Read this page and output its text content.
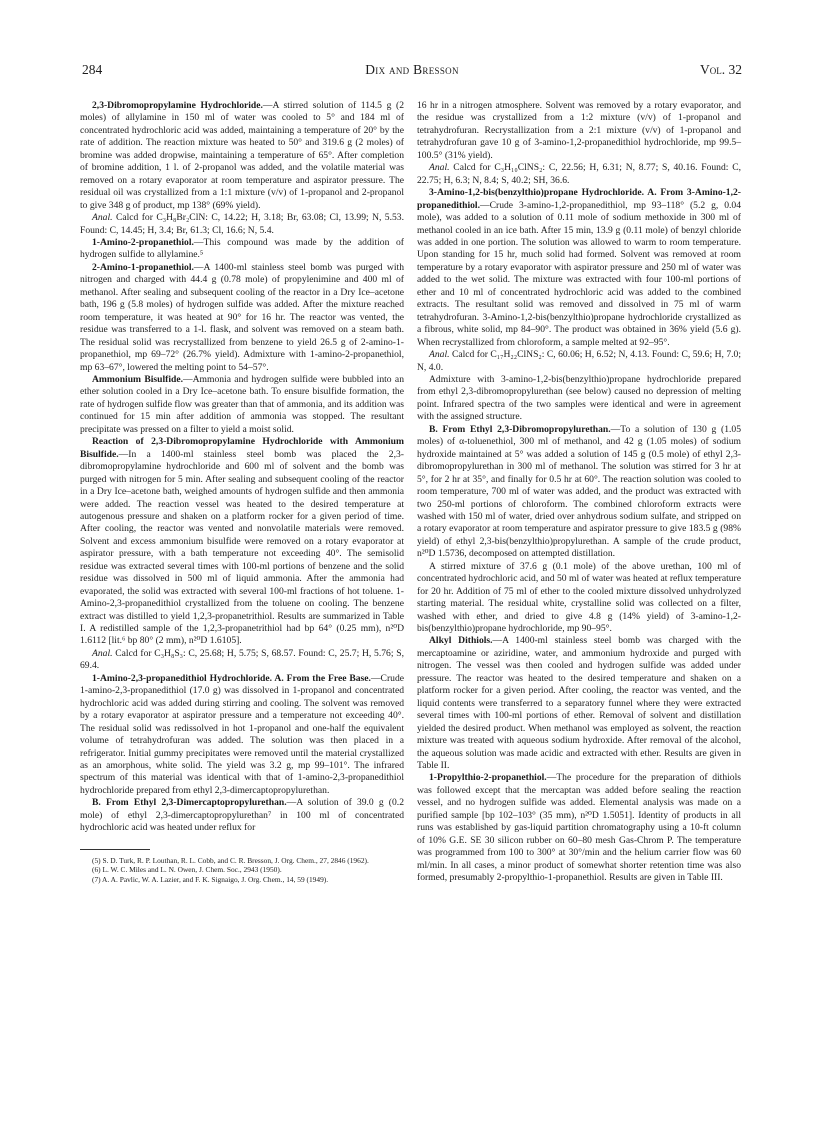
284	Dix and Bresson	Vol. 32

2,3-Dibromopropylamine Hydrochloride.—A stirred solution of 114.5 g (2 moles) of allylamine in 150 ml of water was cooled to 5° and 184 ml of concentrated hydrochloric acid was added, maintaining a temperature of 20° by the rate of addition. The reaction mixture was heated to 50° and 319.6 g (2 moles) of bromine was added dropwise, maintaining a temperature of 65°. After completion of bromine addition, 1 l. of 2-propanol was added, and the volatile material was removed on a rotary evaporator at room temperature and aspirator pressure. The residual oil was crystallized from a 1:1 mixture (v/v) of 1-propanol and 2-propanol to give 348 g of product, mp 138° (69% yield).

Anal. Calcd for C₃H₈Br₂ClN: C, 14.22; H, 3.18; Br, 63.08; Cl, 13.99; N, 5.53. Found: C, 14.45; H, 3.4; Br, 61.3; Cl, 16.6; N, 5.4.

1-Amino-2-propanethiol.—This compound was made by the addition of hydrogen sulfide to allylamine.⁵

2-Amino-1-propanethiol.—A 1400-ml stainless steel bomb was purged with nitrogen and charged with 44.4 g (0.78 mole) of propylenimine and 400 ml of methanol. After sealing and subsequent cooling of the reactor in a Dry Ice–acetone bath, 196 g (5.8 moles) of hydrogen sulfide was added. After the mixture reached room temperature, it was heated at 90° for 16 hr. The reactor was vented, the residue was transferred to a 1-l. flask, and solvent was removed on a steam bath. The residual solid was recrystallized from benzene to yield 26.5 g of 2-amino-1-propanethiol, mp 69–72° (26.7% yield). Admixture with 1-amino-2-propanethiol, mp 63–67°, lowered the melting point to 54–57°.

Ammonium Bisulfide.—Ammonia and hydrogen sulfide were bubbled into an ether solution cooled in a Dry Ice–acetone bath. To ensure bisulfide formation, the rate of hydrogen sulfide flow was greater than that of ammonia, and its addition was continued for 15 min after addition of ammonia was stopped. The resultant precipitate was pressed on a filter to yield a moist solid.

Reaction of 2,3-Dibromopropylamine Hydrochloride with Ammonium Bisulfide.—In a 1400-ml stainless steel bomb was placed the 2,3-dibromopropylamine hydrochloride and 600 ml of solvent and the bomb was purged with nitrogen for 5 min. After sealing and subsequent cooling of the reactor in a Dry Ice–acetone bath, weighed amounts of hydrogen sulfide and then ammonia were added. The reaction vessel was heated to the desired temperature at autogenous pressure and shaken on a platform rocker for a given period of time. After cooling, the reactor was vented and nonvolatile materials were removed. Solvent and excess ammonium bisulfide were removed on a rotary evaporator at aspirator pressure, with a bath temperature not exceeding 40°. The semisolid residue was extracted several times with 100-ml portions of benzene and the solid residue was dissolved in 500 ml of liquid ammonia. After the ammonia had evaporated, the solid was extracted with several 100-ml fractions of hot toluene. 1-Amino-2,3-propanedithiol crystallized from the toluene on cooling. The benzene extract was distilled to yield 1,2,3-propanetrithiol. Results are summarized in Table I. A redistilled sample of the 1,2,3-propanetrithiol had bp 64° (0.25 mm), n²⁰D 1.6112 [lit.⁶ bp 80° (2 mm), n²⁰D 1.6105].

Anal. Calcd for C₃H₈S₃: C, 25.68; H, 5.75; S, 68.57. Found: C, 25.7; H, 5.76; S, 69.4.

1-Amino-2,3-propanedithiol Hydrochloride. A. From the Free Base.—Crude 1-amino-2,3-propanedithiol (17.0 g) was dissolved in 1-propanol and concentrated hydrochloric acid was added during stirring and cooling. The solvent was removed by a rotary evaporator at aspirator pressure and a temperature not exceeding 40°. The residual solid was redissolved in hot 1-propanol and one-half the equivalent volume of tetrahydrofuran was added. The solution was then placed in a refrigerator. Initial gummy precipitates were removed until the material crystallized as an amorphous, white solid. The yield was 3.2 g, mp 99–101°. The infrared spectrum of this material was identical with that of 1-amino-2,3-propanedithiol hydrochloride prepared from ethyl 2,3-dimercaptopropylurethan.

B. From Ethyl 2,3-Dimercaptopropylurethan.—A solution of 39.0 g (0.2 mole) of ethyl 2,3-dimercaptopropylurethan⁷ in 100 ml of concentrated hydrochloric acid was heated under reflux for

(5) S. D. Turk, R. P. Louthan, R. L. Cobb, and C. R. Bresson, J. Org. Chem., 27, 2846 (1962).

(6) L. W. C. Miles and L. N. Owen, J. Chem. Soc., 2943 (1950).

(7) A. A. Pavlic, W. A. Lazier, and F. K. Signaigo, J. Org. Chem., 14, 59 (1949).

16 hr in a nitrogen atmosphere. Solvent was removed by a rotary evaporator, and the residue was crystallized from a 1:2 mixture (v/v) of 1-propanol and tetrahydrofuran. Recrystallization from a 2:1 mixture (v/v) of 1-propanol and tetrahydrofuran gave 10 g of 3-amino-1,2-propanedithiol hydrochloride, mp 99.5–100.5° (31% yield).

Anal. Calcd for C₃H₁₀ClNS₂: C, 22.56; H, 6.31; N, 8.77; S, 40.16. Found: C, 22.75; H, 6.3; N, 8.4; S, 40.2; SH, 36.6.

3-Amino-1,2-bis(benzylthio)propane Hydrochloride. A. From 3-Amino-1,2-propanedithiol.—Crude 3-amino-1,2-propanedithiol, mp 93–118° (5.2 g, 0.04 mole), was added to a solution of 0.11 mole of sodium methoxide in 300 ml of methanol cooled in an ice bath. After 15 min, 13.9 g (0.11 mole) of benzyl chloride was added in one portion. The solution was allowed to warm to room temperature. Upon standing for 15 hr, much solid had formed. Solvent was removed at room temperature by a rotary evaporator with aspirator pressure and 250 ml of water was added to the wet solid. The mixture was extracted with four 100-ml portions of ether and 10 ml of concentrated hydrochloric acid was added to the combined extracts. The resultant solid was removed and dissolved in 75 ml of warm tetrahydrofuran. 3-Amino-1,2-bis(benzylthio)propane hydrochloride crystallized as a fibrous, white solid, mp 84–90°. The product was obtained in 36% yield (5.6 g). When recrystallized from chloroform, a sample melted at 92–95°.

Anal. Calcd for C₁₇H₂₂ClNS₂: C, 60.06; H, 6.52; N, 4.13. Found: C, 59.6; H, 7.0; N, 4.0.

Admixture with 3-amino-1,2-bis(benzylthio)propane hydrochloride prepared from ethyl 2,3-dibromopropylurethan (see below) caused no depression of melting point. Infrared spectra of the two samples were identical and were in agreement with the assigned structure.

B. From Ethyl 2,3-Dibromopropylurethan.—To a solution of 130 g (1.05 moles) of α-toluenethiol, 300 ml of methanol, and 42 g (1.05 moles) of sodium hydroxide maintained at 5° was added a solution of 145 g (0.5 mole) of ethyl 2,3-dibromopropylurethan in 300 ml of methanol. The solution was stirred for 3 hr at 5°, for 2 hr at 35°, and finally for 0.5 hr at 60°. The reaction solution was cooled to room temperature, 700 ml of water was added, and the product was extracted with two 250-ml portions of chloroform. The combined chloroform extracts were washed with 150 ml of water, dried over anhydrous sodium sulfate, and stripped on a rotary evaporator at room temperature and aspirator pressure to give 183.5 g (98% yield) of ethyl 2,3-bis(benzylthio)propylurethan. A sample of the crude product, n²⁰D 1.5736, decomposed on attempted distillation.

A stirred mixture of 37.6 g (0.1 mole) of the above urethan, 100 ml of concentrated hydrochloric acid, and 50 ml of water was heated at reflux temperature for 20 hr. Addition of 75 ml of ether to the cooled mixture dissolved unhydrolyzed starting material. The residual white, crystalline solid was collected on a filter, washed with ether, and dried to give 4.8 g (14% yield) of 3-amino-1,2-bis(benzylthio)propane hydrochloride, mp 90–95°.

Alkyl Dithiols.—A 1400-ml stainless steel bomb was charged with the mercaptoamine or aziridine, water, and ammonium hydroxide and purged with nitrogen. The vessel was then cooled and hydrogen sulfide was added under pressure. The reactor was heated to the desired temperature and shaken on a platform rocker for a given period. After cooling, the reactor was vented, and the liquid contents were transferred to a separatory funnel where they were extracted several times with 100-ml portions of ether. Removal of solvent and distillation yielded the desired product. When methanol was employed as solvent, the reaction mixture was treated with aqueous sodium hydroxide. After removal of the alcohol, the aqueous solution was made acidic and extracted with ether. Results are given in Table II.

1-Propylthio-2-propanethiol.—The procedure for the preparation of dithiols was followed except that the mercaptan was added before sealing the reaction vessel, and no hydrogen sulfide was added. Elemental analysis was made on a purified sample [bp 102–103° (35 mm), n²⁰D 1.5051]. Identity of products in all runs was established by gas-liquid partition chromatography using a 10-ft column of 10% G.E. SE 30 silicon rubber on 60–80 mesh Gas-Chrom P. The temperature was programmed from 100 to 300° at 30°/min and the helium carrier flow was 60 ml/min. In all cases, a minor product of somewhat shorter retention time was also formed, presumably 2-propylthio-1-propanethiol. Results are given in Table III.
